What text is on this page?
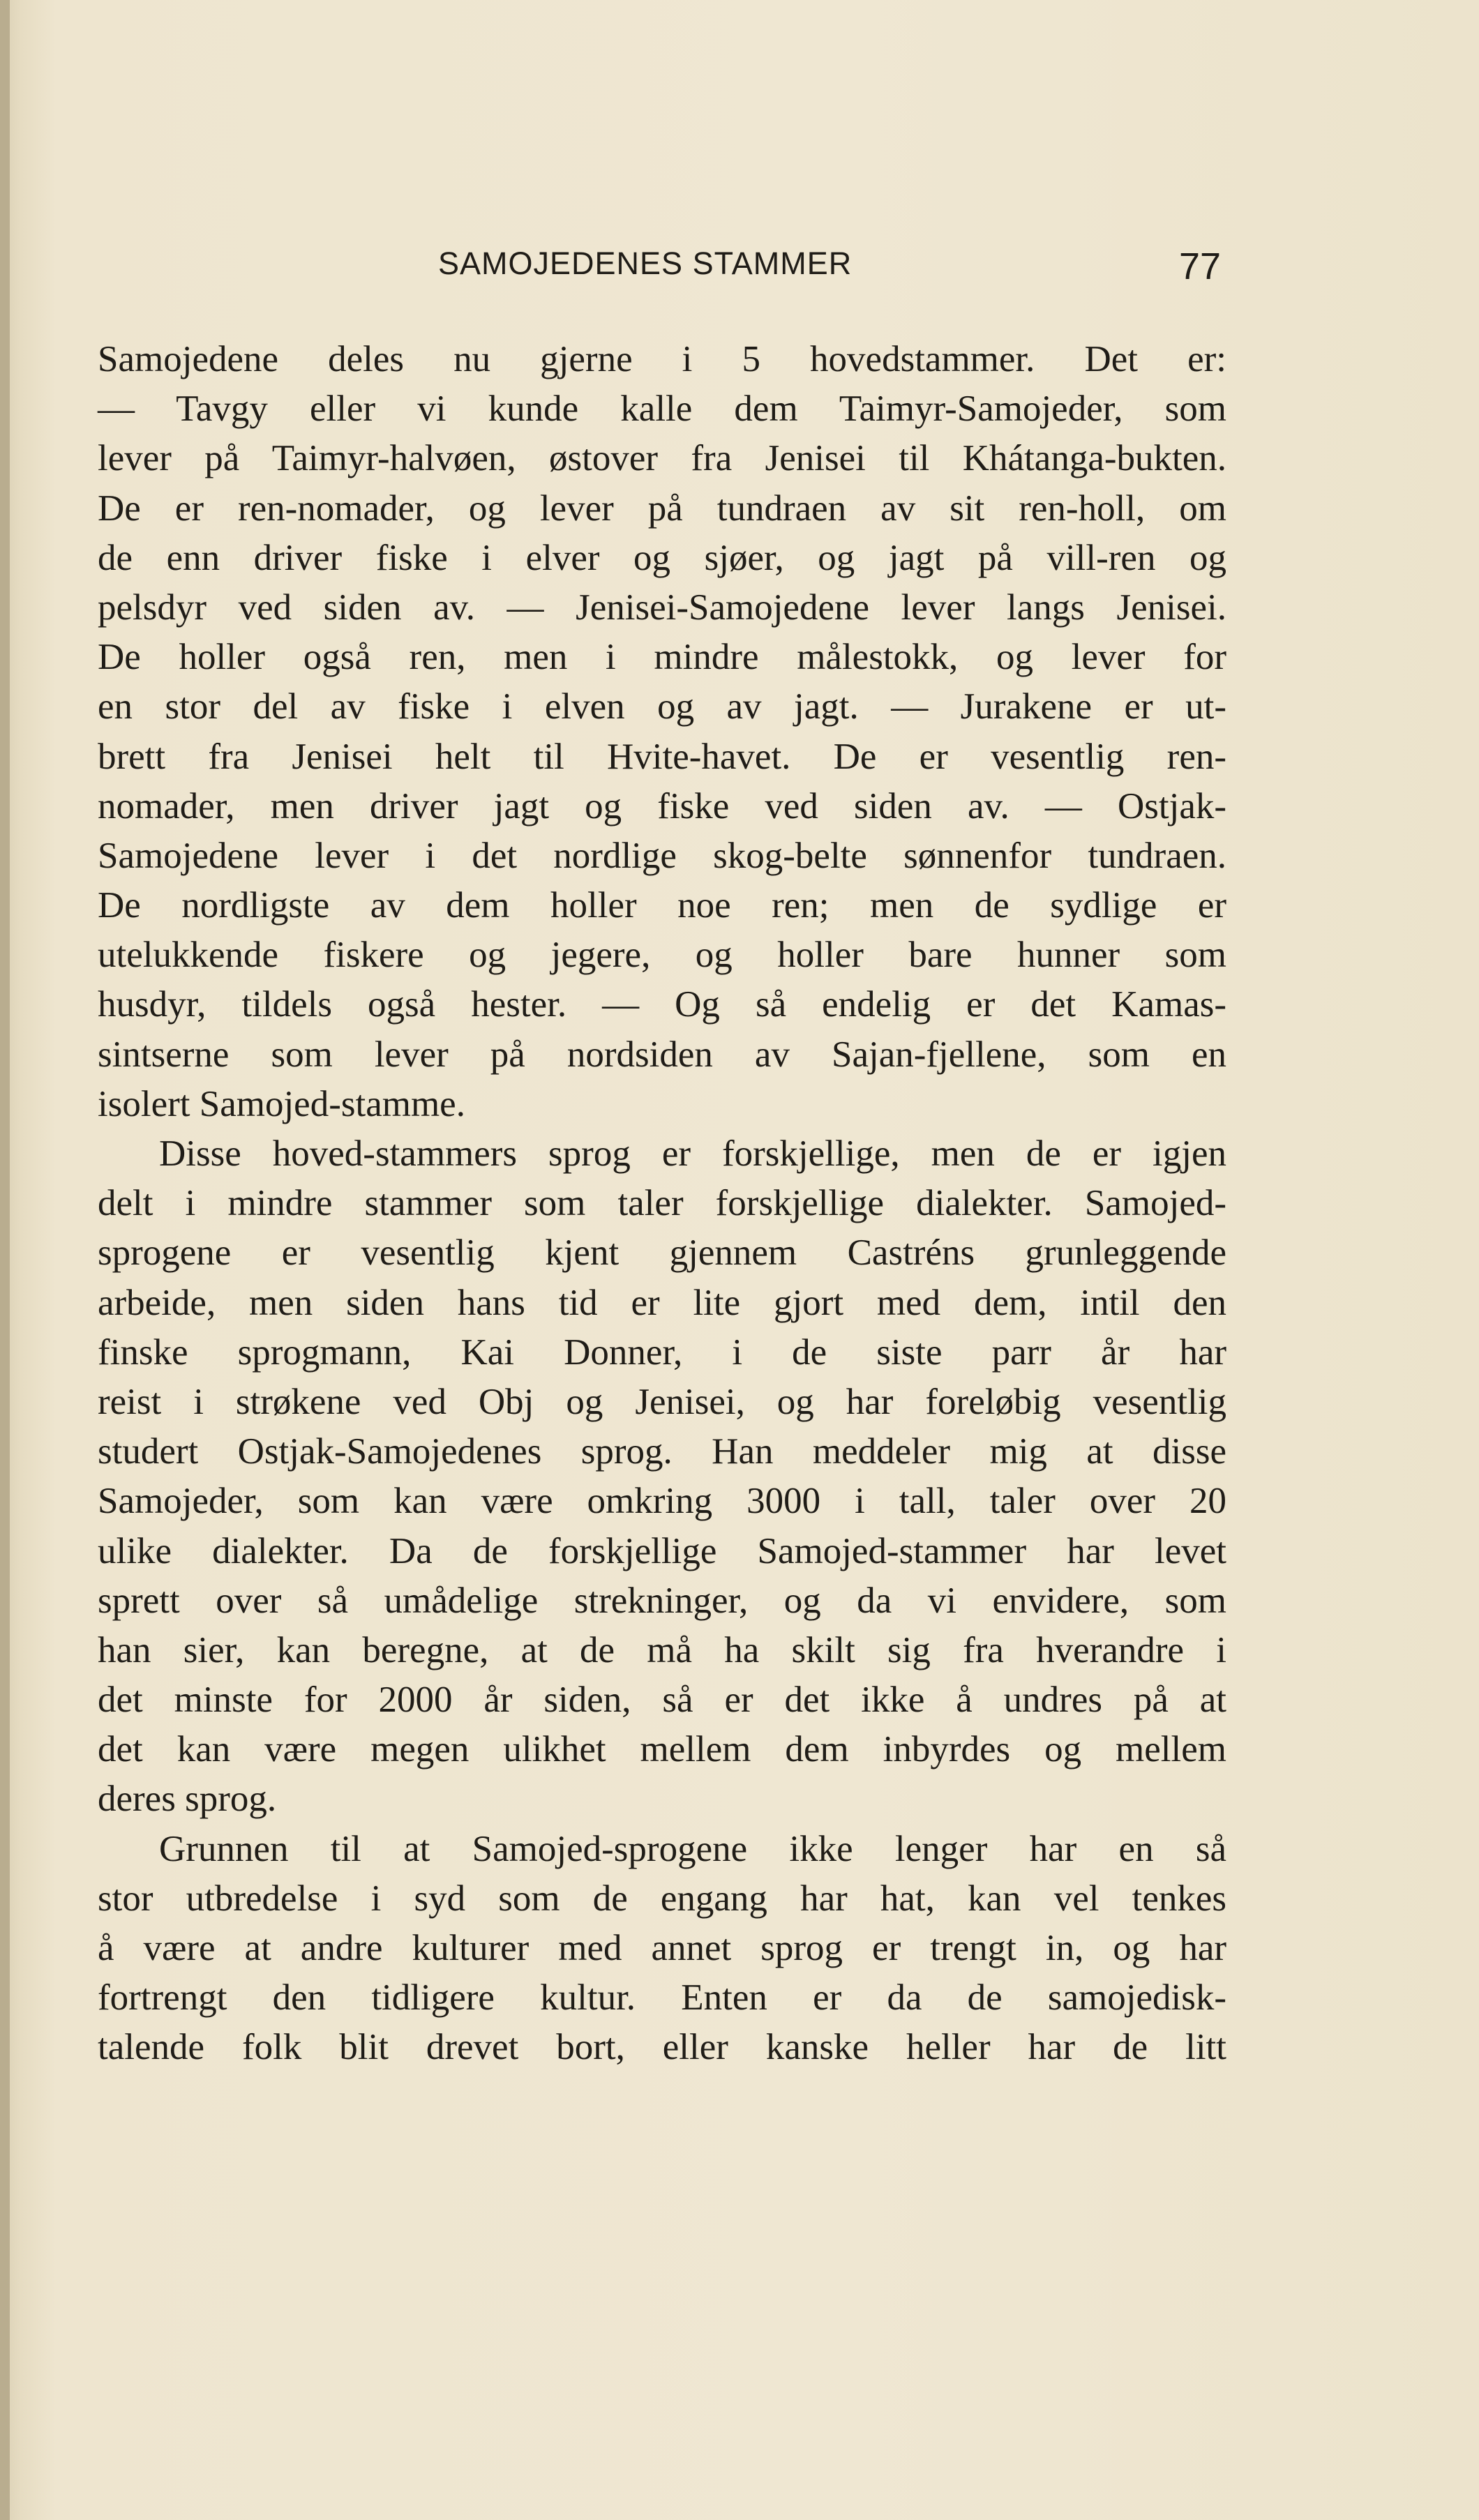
SAMOJEDENES STAMMER	77
Samojedene deles nu gjerne i 5 hovedstammer. Det er:
— Tavgy eller vi kunde kalle dem Taimyr-Samojeder, som
lever på Taimyr-halvøen, østover fra Jenisei til Khátanga-bukten.
De er ren-nomader, og lever på tundraen av sit ren-holl, om
de enn driver fiske i elver og sjøer, og jagt på vill-ren og
pelsdyr ved siden av. — Jenisei-Samojedene lever langs Jenisei.
De holler også ren, men i mindre målestokk, og lever for
en stor del av fiske i elven og av jagt. — Jurakene er ut-
brett fra Jenisei helt til Hvite-havet. De er vesentlig ren-
nomader, men driver jagt og fiske ved siden av. — Ostjak-
Samojedene lever i det nordlige skog-belte sønnenfor tundraen.
De nordligste av dem holler noe ren; men de sydlige er
utelukkende fiskere og jegere, og holler bare hunner som
husdyr, tildels også hester. — Og så endelig er det Kamas-
sintserne som lever på nordsiden av Sajan-fjellene, som en
isolert Samojed-stamme.
Disse hoved-stammers sprog er forskjellige, men de er igjen
delt i mindre stammer som taler forskjellige dialekter. Samojed-
sprogene er vesentlig kjent gjennem Castréns grunleggende
arbeide, men siden hans tid er lite gjort med dem, intil den
finske sprogmann, Kai Donner, i de siste parr år har
reist i strøkene ved Obj og Jenisei, og har foreløbig vesentlig
studert Ostjak-Samojedenes sprog. Han meddeler mig at disse
Samojeder, som kan være omkring 3000 i tall, taler over 20
ulike dialekter. Da de forskjellige Samojed-stammer har levet
sprett over så umådelige strekninger, og da vi envidere, som
han sier, kan beregne, at de må ha skilt sig fra hverandre i
det minste for 2000 år siden, så er det ikke å undres på at
det kan være megen ulikhet mellem dem inbyrdes og mellem
deres sprog.
Grunnen til at Samojed-sprogene ikke lenger har en så
stor utbredelse i syd som de engang har hat, kan vel tenkes
å være at andre kulturer med annet sprog er trengt in, og har
fortrengt den tidligere kultur. Enten er da de samojedisk-
talende folk blit drevet bort, eller kanske heller har de litt
